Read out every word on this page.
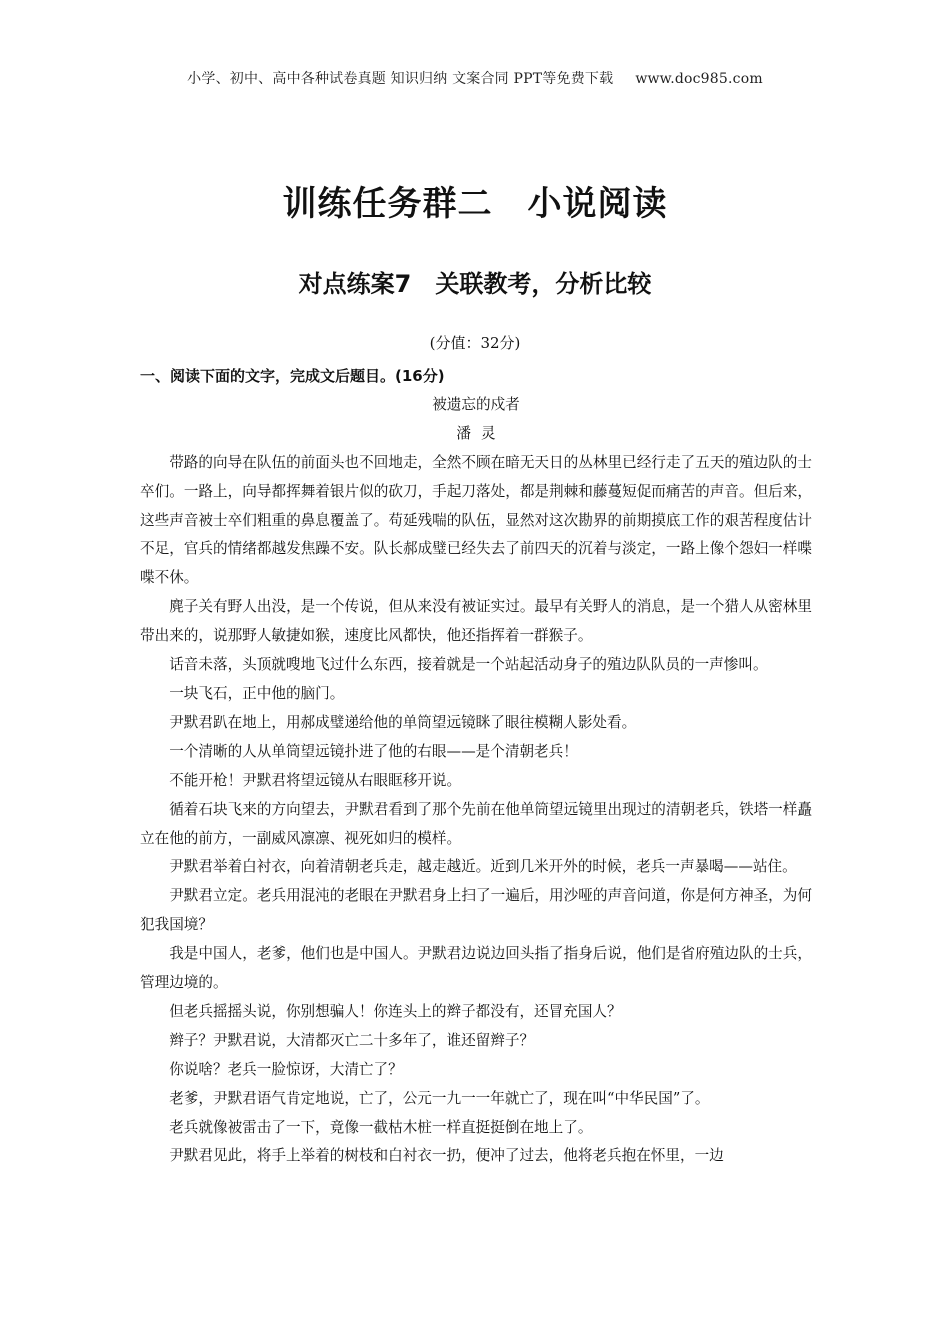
小学、初中、高中各种试卷真题 知识归纳 文案合同 PPT等免费下载 www.doc985.com
训练任务群二　小说阅读
对点练案7　关联教考，分析比较
(分值：32分)

一、阅读下面的文字，完成文后题目。(16分)

被遗忘的戍者

潘灵

带路的向导在队伍的前面头也不回地走，全然不顾在暗无天日的丛林里已经行走了五天的殖边队的士卒们。一路上，向导都挥舞着银片似的砍刀，手起刀落处，都是荆棘和藤蔓短促而痛苦的声音。但后来，这些声音被士卒们粗重的鼻息覆盖了。苟延残喘的队伍，显然对这次勘界的前期摸底工作的艰苦程度估计不足，官兵的情绪都越发焦躁不安。队长郝成璧已经失去了前四天的沉着与淡定，一路上像个怨妇一样喋喋不休。

麂子关有野人出没，是一个传说，但从来没有被证实过。最早有关野人的消息，是一个猎人从密林里带出来的，说那野人敏捷如猴，速度比风都快，他还指挥着一群猴子。

话音未落，头顶就嗖地飞过什么东西，接着就是一个站起活动身子的殖边队队员的一声惨叫。

一块飞石，正中他的脑门。

尹默君趴在地上，用郝成璧递给他的单筒望远镜眯了眼往模糊人影处看。

一个清晰的人从单筒望远镜扑进了他的右眼——是个清朝老兵！

不能开枪！尹默君将望远镜从右眼眶移开说。

循着石块飞来的方向望去，尹默君看到了那个先前在他单筒望远镜里出现过的清朝老兵，铁塔一样矗立在他的前方，一副威风凛凛、视死如归的模样。

尹默君举着白衬衣，向着清朝老兵走，越走越近。近到几米开外的时候，老兵一声暴喝——站住。

尹默君立定。老兵用混沌的老眼在尹默君身上扫了一遍后，用沙哑的声音问道，你是何方神圣，为何犯我国境？

我是中国人，老爹，他们也是中国人。尹默君边说边回头指了指身后说，他们是省府殖边队的士兵，管理边境的。

但老兵摇摇头说，你别想骗人！你连头上的辫子都没有，还冒充国人？

辫子？尹默君说，大清都灭亡二十多年了，谁还留辫子？

你说啥？老兵一脸惊讶，大清亡了？

老爹，尹默君语气肯定地说，亡了，公元一九一一年就亡了，现在叫“中华民国”了。

老兵就像被雷击了一下，竟像一截枯木桩一样直挺挺倒在地上了。

尹默君见此，将手上举着的树枝和白衬衣一扔，便冲了过去，他将老兵抱在怀里，一边
